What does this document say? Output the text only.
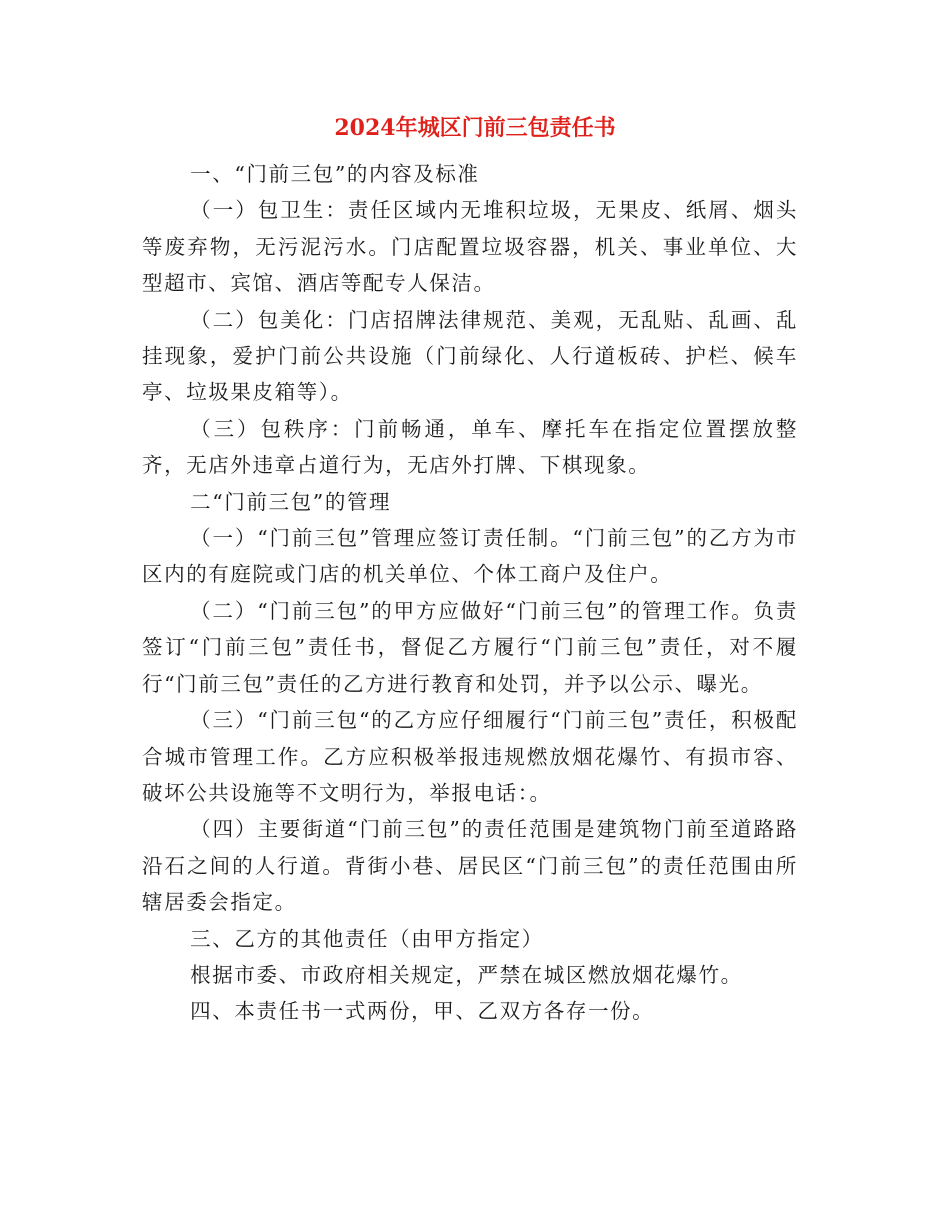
2024年城区门前三包责任书

一、“门前三包”的内容及标准

（一）包卫生：责任区域内无堆积垃圾，无果皮、纸屑、烟头等废弃物，无污泥污水。门店配置垃圾容器，机关、事业单位、大型超市、宾馆、酒店等配专人保洁。

（二）包美化：门店招牌法律规范、美观，无乱贴、乱画、乱挂现象，爱护门前公共设施（门前绿化、人行道板砖、护栏、候车亭、垃圾果皮箱等）。

（三）包秩序：门前畅通，单车、摩托车在指定位置摆放整齐，无店外违章占道行为，无店外打牌、下棋现象。

二“门前三包”的管理

（一）“门前三包”管理应签订责任制。“门前三包”的乙方为市区内的有庭院或门店的机关单位、个体工商户及住户。

（二）“门前三包”的甲方应做好“门前三包”的管理工作。负责签订“门前三包”责任书，督促乙方履行“门前三包”责任，对不履行“门前三包”责任的乙方进行教育和处罚，并予以公示、曝光。

（三）“门前三包“的乙方应仔细履行“门前三包”责任，积极配合城市管理工作。乙方应积极举报违规燃放烟花爆竹、有损市容、破坏公共设施等不文明行为，举报电话：。

（四）主要街道“门前三包”的责任范围是建筑物门前至道路路沿石之间的人行道。背街小巷、居民区“门前三包”的责任范围由所辖居委会指定。

三、乙方的其他责任（由甲方指定）

根据市委、市政府相关规定，严禁在城区燃放烟花爆竹。

四、本责任书一式两份，甲、乙双方各存一份。
